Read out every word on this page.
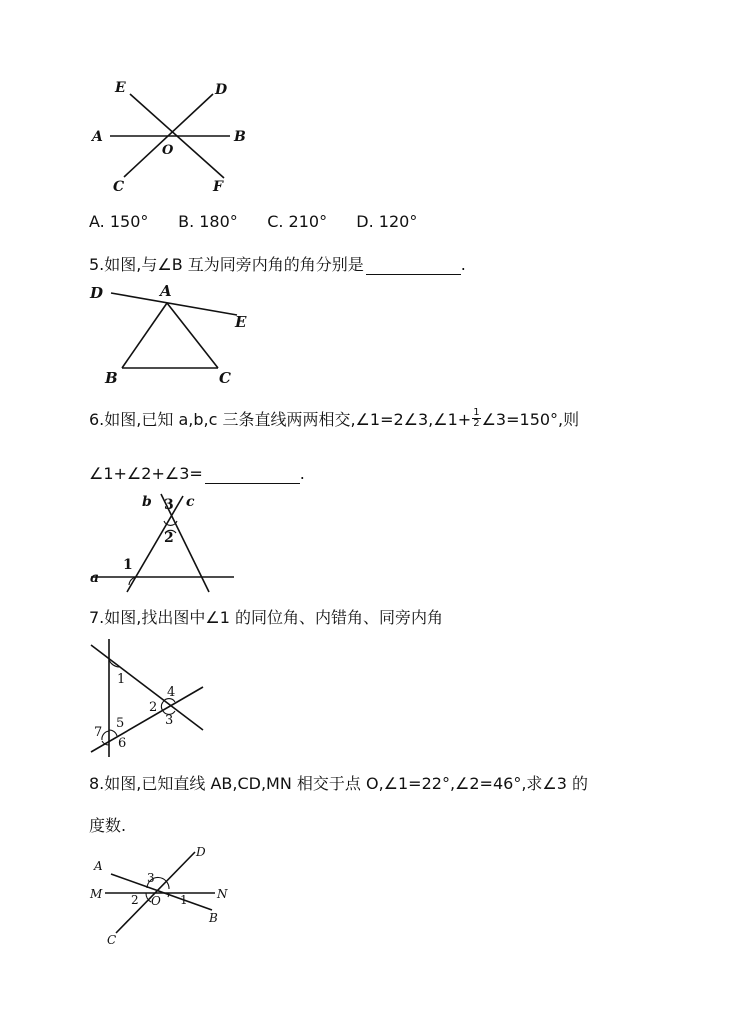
E	D
A	B
O
C	F
A. 150° B. 180° C. 210° D. 120°
5.如图,与∠B 互为同旁内角的角分别是	.
D	A
E
B	C
6.如图,已知 a,b,c 三条直线两两相交,∠1=2∠3,∠1+ $\frac{1}{2}$ ∠3=150°,则
∠1+∠2+∠3=	.
b c
3
2
1
a
7.如图,找出图中∠1 的同位角、内错角、同旁内角
1
2
3
4
5
6
7
8.如图,已知直线 AB,CD,MN 相交于点 O,∠1=22°,∠2=46°,求∠3 的
度数.
A
D
M	N
3
2 O 1
B
C
